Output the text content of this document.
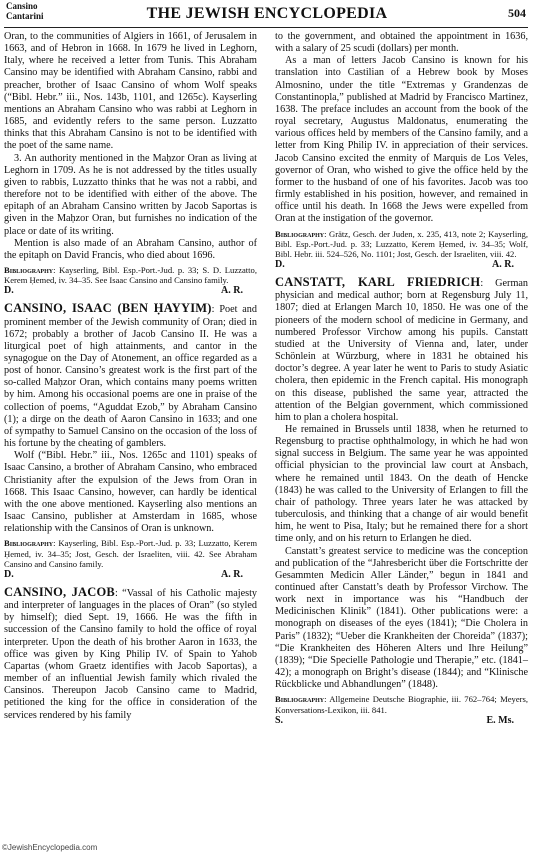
Cansino
Cantarini	THE JEWISH ENCYCLOPEDIA	504

Oran, to the communities of Algiers in 1661, of Jerusalem in 1663, and of Hebron in 1668. In 1679 he lived in Leghorn, Italy, where he received a letter from Tunis. This Abraham Cansino may be identified with Abraham Cansino, rabbi and preacher, brother of Isaac Cansino of whom Wolf speaks (“Bibl. Hebr.” iii., Nos. 143b, 1101, and 1265c). Kayserling mentions an Abraham Cansino who was rabbi at Leghorn in 1685, and evidently refers to the same person. Luzzatto thinks that this Abraham Cansino is not to be identified with the poet of the same name.

3. An authority mentioned in the Maḥzor Oran as living at Leghorn in 1709. As he is not addressed by the titles usually given to rabbis, Luzzatto thinks that he was not a rabbi, and therefore not to be identified with either of the above. The epitaph of an Abraham Cansino written by Jacob Saportas is given in the Maḥzor Oran, but furnishes no indication of the place or date of its writing.

Mention is also made of an Abraham Cansino, author of the epitaph on David Francis, who died about 1696.

Bibliography: Kayserling, Bibl. Esp.-Port.-Jud. p. 33; S. D. Luzzatto, Kerem Ḥemed, iv. 34–35. See Isaac Cansino and Cansino family.

D.	A. R.

CANSINO, ISAAC (BEN ḤAYYIM): Poet and prominent member of the Jewish community of Oran; died in 1672; probably a brother of Jacob Cansino II. He was a liturgical poet of high attainments, and cantor in the synagogue on the Day of Atonement, an office regarded as a post of honor. Cansino’s greatest work is the first part of the so-called Maḥzor Oran, which contains many poems written by him. Among his occasional poems are one in praise of the collection of poems, “Aguddat Ezob,” by Abraham Cansino (1); a dirge on the death of Aaron Cansino in 1633; and one of sympathy to Samuel Cansino on the occasion of the loss of his fortune by the cheating of gamblers.

Wolf (“Bibl. Hebr.” iii., Nos. 1265c and 1101) speaks of Isaac Cansino, a brother of Abraham Cansino, who embraced Christianity after the expulsion of the Jews from Oran in 1668. This Isaac Cansino, however, can hardly be identical with the one above mentioned. Kayserling also mentions an Isaac Cansino, publisher at Amsterdam in 1685, whose relationship with the Cansinos of Oran is unknown.

Bibliography: Kayserling, Bibl. Esp.-Port.-Jud. p. 33; Luzzatto, Kerem Ḥemed, iv. 34–35; Jost, Gesch. der Israeliten, viii. 42. See Abraham Cansino and Cansino family.

D.	A. R.

CANSINO, JACOB: “Vassal of his Catholic majesty and interpreter of languages in the places of Oran” (so styled by himself); died Sept. 19, 1666. He was the fifth in succession of the Cansino family to hold the office of royal interpreter. Upon the death of his brother Aaron in 1633, the office was given by King Philip IV. of Spain to Yahob Capartas (whom Graetz identifies with Jacob Saportas), a member of an influential Jewish family which rivaled the Cansinos. Thereupon Jacob Cansino came to Madrid, petitioned the king for the office in consideration of the services rendered by his family

to the government, and obtained the appointment in 1636, with a salary of 25 scudi (dollars) per month.

As a man of letters Jacob Cansino is known for his translation into Castilian of a Hebrew book by Moses Almosnino, under the title “Extremas y Grandenzas de Constantinopla,” published at Madrid by Francisco Martinez, 1638. The preface includes an account from the book of the royal secretary, Augustus Maldonatus, enumerating the various offices held by members of the Cansino family, and a letter from King Philip IV. in appreciation of their services. Jacob Cansino excited the enmity of Marquis de Los Veles, governor of Oran, who wished to give the office held by the former to the husband of one of his favorites. Jacob was too firmly established in his position, however, and remained in office until his death. In 1668 the Jews were expelled from Oran at the instigation of the governor.

Bibliography: Grätz, Gesch. der Juden, x. 235, 413, note 2; Kayserling, Bibl. Esp.-Port.-Jud. p. 33; Luzzatto, Kerem Ḥemed, iv. 34–35; Wolf, Bibl. Hebr. iii. 524–526, No. 1101; Jost, Gesch. der Israeliten, viii. 42.

D.	A. R.

CANSTATT, KARL FRIEDRICH: German physician and medical author; born at Regensburg July 11, 1807; died at Erlangen March 10, 1850. He was one of the pioneers of the modern school of medicine in Germany, and numbered Professor Virchow among his pupils. Canstatt studied at the University of Vienna and, later, under Schönlein at Würzburg, where in 1831 he obtained his doctor’s degree. A year later he went to Paris to study Asiatic cholera, then epidemic in the French capital. His monograph on this disease, published the same year, attracted the attention of the Belgian government, which commissioned him to plan a cholera hospital.

He remained in Brussels until 1838, when he returned to Regensburg to practise ophthalmology, in which he had won signal success in Belgium. The same year he was appointed official physician to the provincial law court at Ansbach, where he remained until 1843. On the death of Hencke (1843) he was called to the University of Erlangen to fill the chair of pathology. Three years later he was attacked by tuberculosis, and thinking that a change of air would benefit him, he went to Pisa, Italy; but he remained there for a short time only, and on his return to Erlangen he died.

Canstatt’s greatest service to medicine was the conception and publication of the “Jahresbericht über die Fortschritte der Gesammten Medicin Aller Länder,” begun in 1841 and continued after Canstatt’s death by Professor Virchow. The work next in importance was his “Handbuch der Medicinischen Klinik” (1841). Other publications were: a monograph on diseases of the eyes (1841); “Die Cholera in Paris” (1832); “Ueber die Krankheiten der Choreida” (1837); “Die Krankheiten des Höheren Alters und Ihre Heilung” (1839); “Die Specielle Pathologie und Therapie,” etc. (1841–42); a monograph on Bright’s disease (1844); and “Klinische Rückblicke und Abhandlungen” (1848).

Bibliography: Allgemeine Deutsche Biographie, iii. 762–764; Meyers, Konversations-Lexikon, iii. 841.

S.	E. Ms.
©JewishEncyclopedia.com
